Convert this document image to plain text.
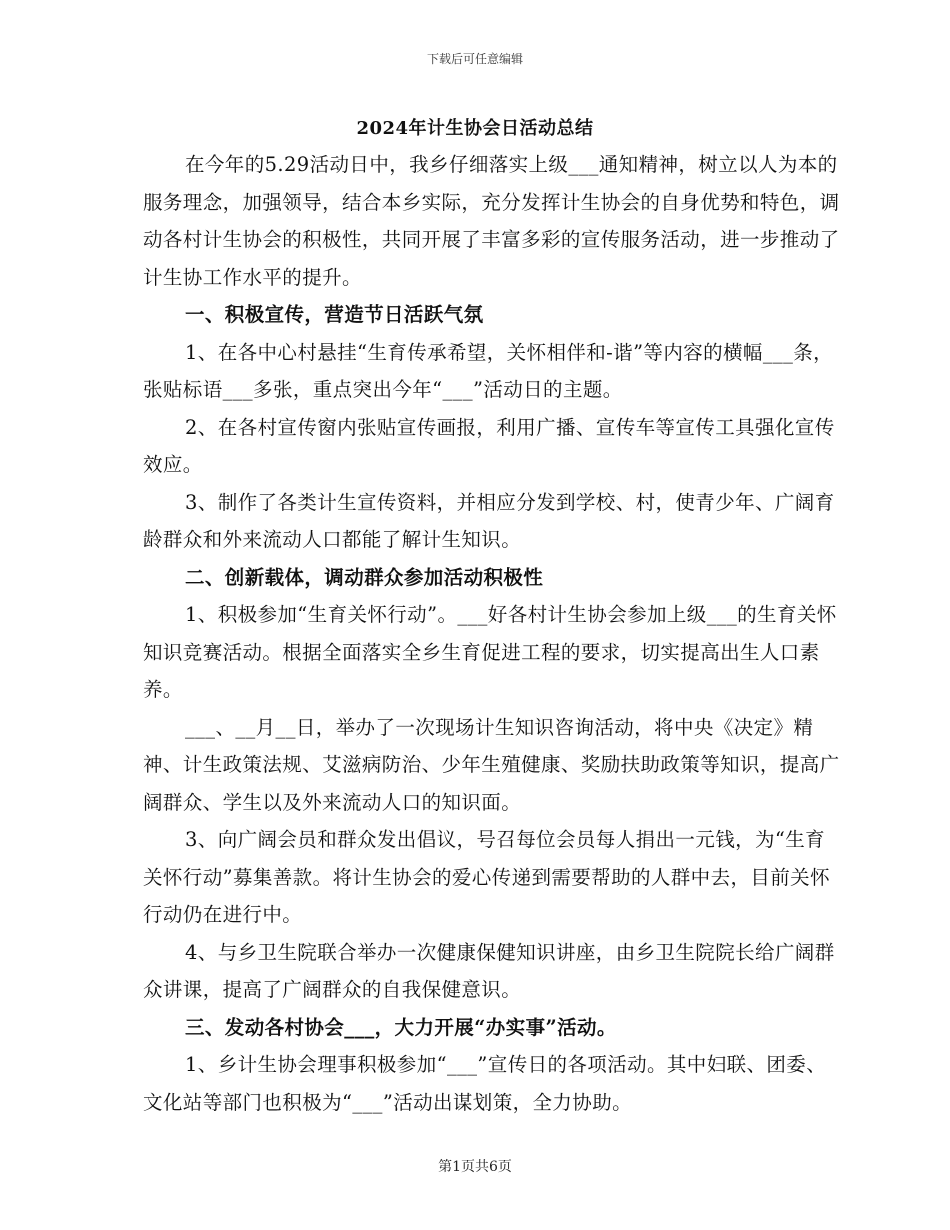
下载后可任意编辑
2024年计生协会日活动总结

在今年的5.29活动日中，我乡仔细落实上级___通知精神，树立以人为本的服务理念，加强领导，结合本乡实际，充分发挥计生协会的自身优势和特色，调动各村计生协会的积极性，共同开展了丰富多彩的宣传服务活动，进一步推动了计生协工作水平的提升。

一、积极宣传，营造节日活跃气氛

1、在各中心村悬挂“生育传承希望，关怀相伴和-谐”等内容的横幅___条，张贴标语___多张，重点突出今年“___”活动日的主题。

2、在各村宣传窗内张贴宣传画报，利用广播、宣传车等宣传工具强化宣传效应。

3、制作了各类计生宣传资料，并相应分发到学校、村，使青少年、广阔育龄群众和外来流动人口都能了解计生知识。

二、创新载体，调动群众参加活动积极性

1、积极参加“生育关怀行动”。___好各村计生协会参加上级___的生育关怀知识竞赛活动。根据全面落实全乡生育促进工程的要求，切实提高出生人口素养。

___、__月__日，举办了一次现场计生知识咨询活动，将中央《决定》精神、计生政策法规、艾滋病防治、少年生殖健康、奖励扶助政策等知识，提高广阔群众、学生以及外来流动人口的知识面。

3、向广阔会员和群众发出倡议，号召每位会员每人捐出一元钱，为“生育关怀行动”募集善款。将计生协会的爱心传递到需要帮助的人群中去，目前关怀行动仍在进行中。

4、与乡卫生院联合举办一次健康保健知识讲座，由乡卫生院院长给广阔群众讲课，提高了广阔群众的自我保健意识。

三、发动各村协会___，大力开展“办实事”活动。

1、乡计生协会理事积极参加“___”宣传日的各项活动。其中妇联、团委、文化站等部门也积极为“___”活动出谋划策，全力协助。

第1页共6页
